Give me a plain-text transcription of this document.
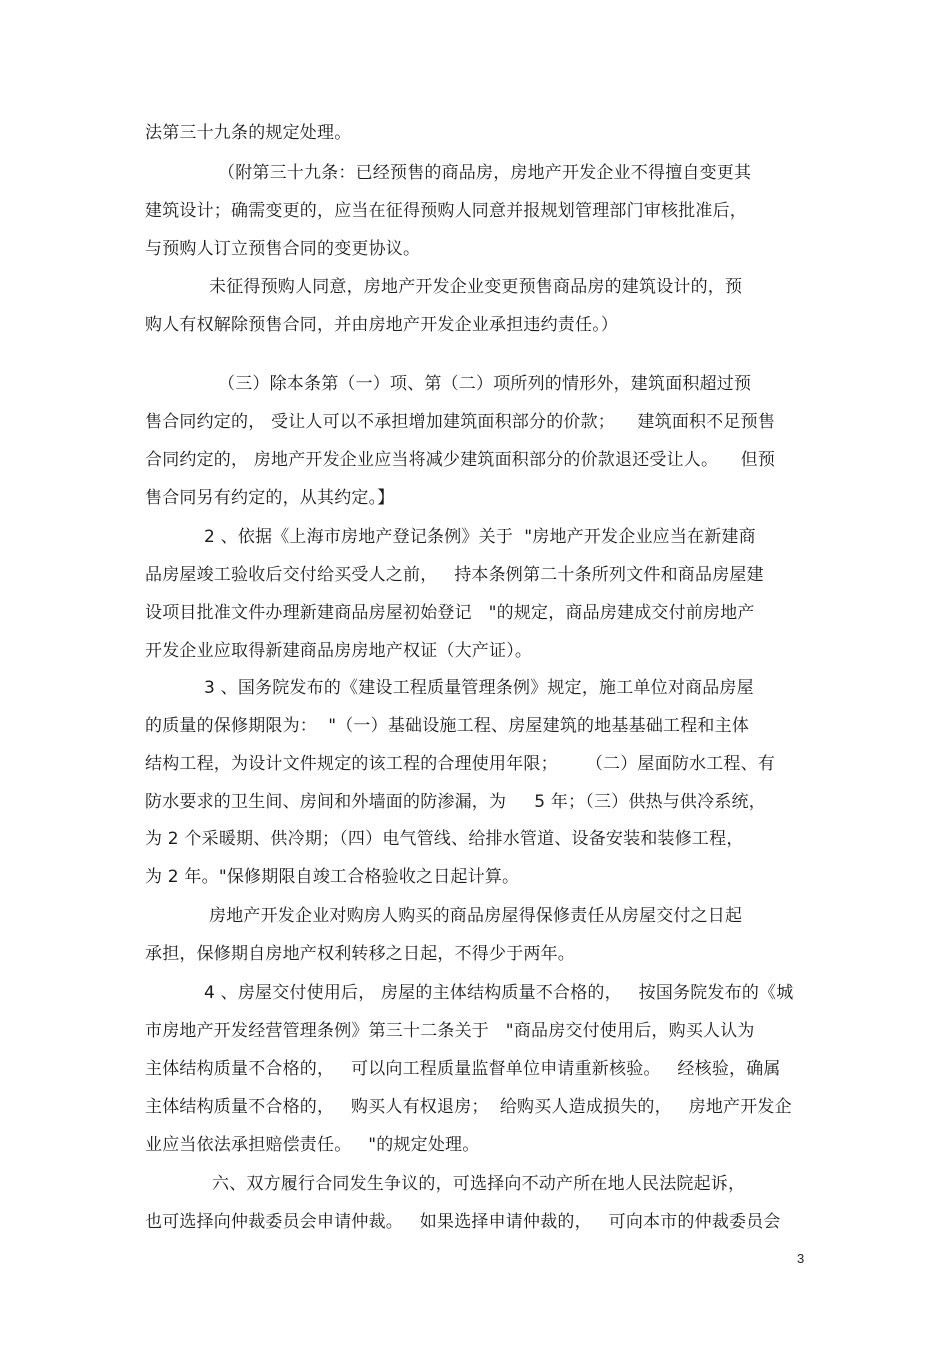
法第三十九条的规定处理。
（附第三十九条：已经预售的商品房，房地产开发企业不得擅自变更其
建筑设计；确需变更的，应当在征得预购人同意并报规划管理部门审核批准后，
与预购人订立预售合同的变更协议。
未征得预购人同意，房地产开发企业变更预售商品房的建筑设计的，预
购人有权解除预售合同，并由房地产开发企业承担违约责任。）
（三）除本条第（一）项、第（二）项所列的情形外，建筑面积超过预
售合同约定的， 受让人可以不承担增加建筑面积部分的价款；    建筑面积不足预售
合同约定的， 房地产开发企业应当将减少建筑面积部分的价款退还受让人。    但预
售合同另有约定的，从其约定。】
2 、依据《上海市房地产登记条例》关于  "房地产开发企业应当在新建商
品房屋竣工验收后交付给买受人之前，   持本条例第二十条所列文件和商品房屋建
设项目批准文件办理新建商品房屋初始登记   "的规定，商品房建成交付前房地产
开发企业应取得新建商品房房地产权证（大产证）。
3 、国务院发布的《建设工程质量管理条例》规定，施工单位对商品房屋
的质量的保修期限为：  "（一）基础设施工程、房屋建筑的地基基础工程和主体
结构工程，为设计文件规定的该工程的合理使用年限；     （二）屋面防水工程、有
防水要求的卫生间、房间和外墙面的防渗漏，为     5 年；（三）供热与供冷系统，
为 2 个采暖期、供冷期；（四）电气管线、给排水管道、设备安装和装修工程，
为 2 年。"保修期限自竣工合格验收之日起计算。
房地产开发企业对购房人购买的商品房屋得保修责任从房屋交付之日起
承担，保修期自房地产权利转移之日起，不得少于两年。
4 、房屋交付使用后， 房屋的主体结构质量不合格的，   按国务院发布的《城
市房地产开发经营管理条例》第三十二条关于   "商品房交付使用后，购买人认为
主体结构质量不合格的，   可以向工程质量监督单位申请重新核验。   经核验，确属
主体结构质量不合格的，   购买人有权退房；  给购买人造成损失的，   房地产开发企
业应当依法承担赔偿责任。   "的规定处理。
六、双方履行合同发生争议的，可选择向不动产所在地人民法院起诉，
也可选择向仲裁委员会申请仲裁。   如果选择申请仲裁的，   可向本市的仲裁委员会
3
